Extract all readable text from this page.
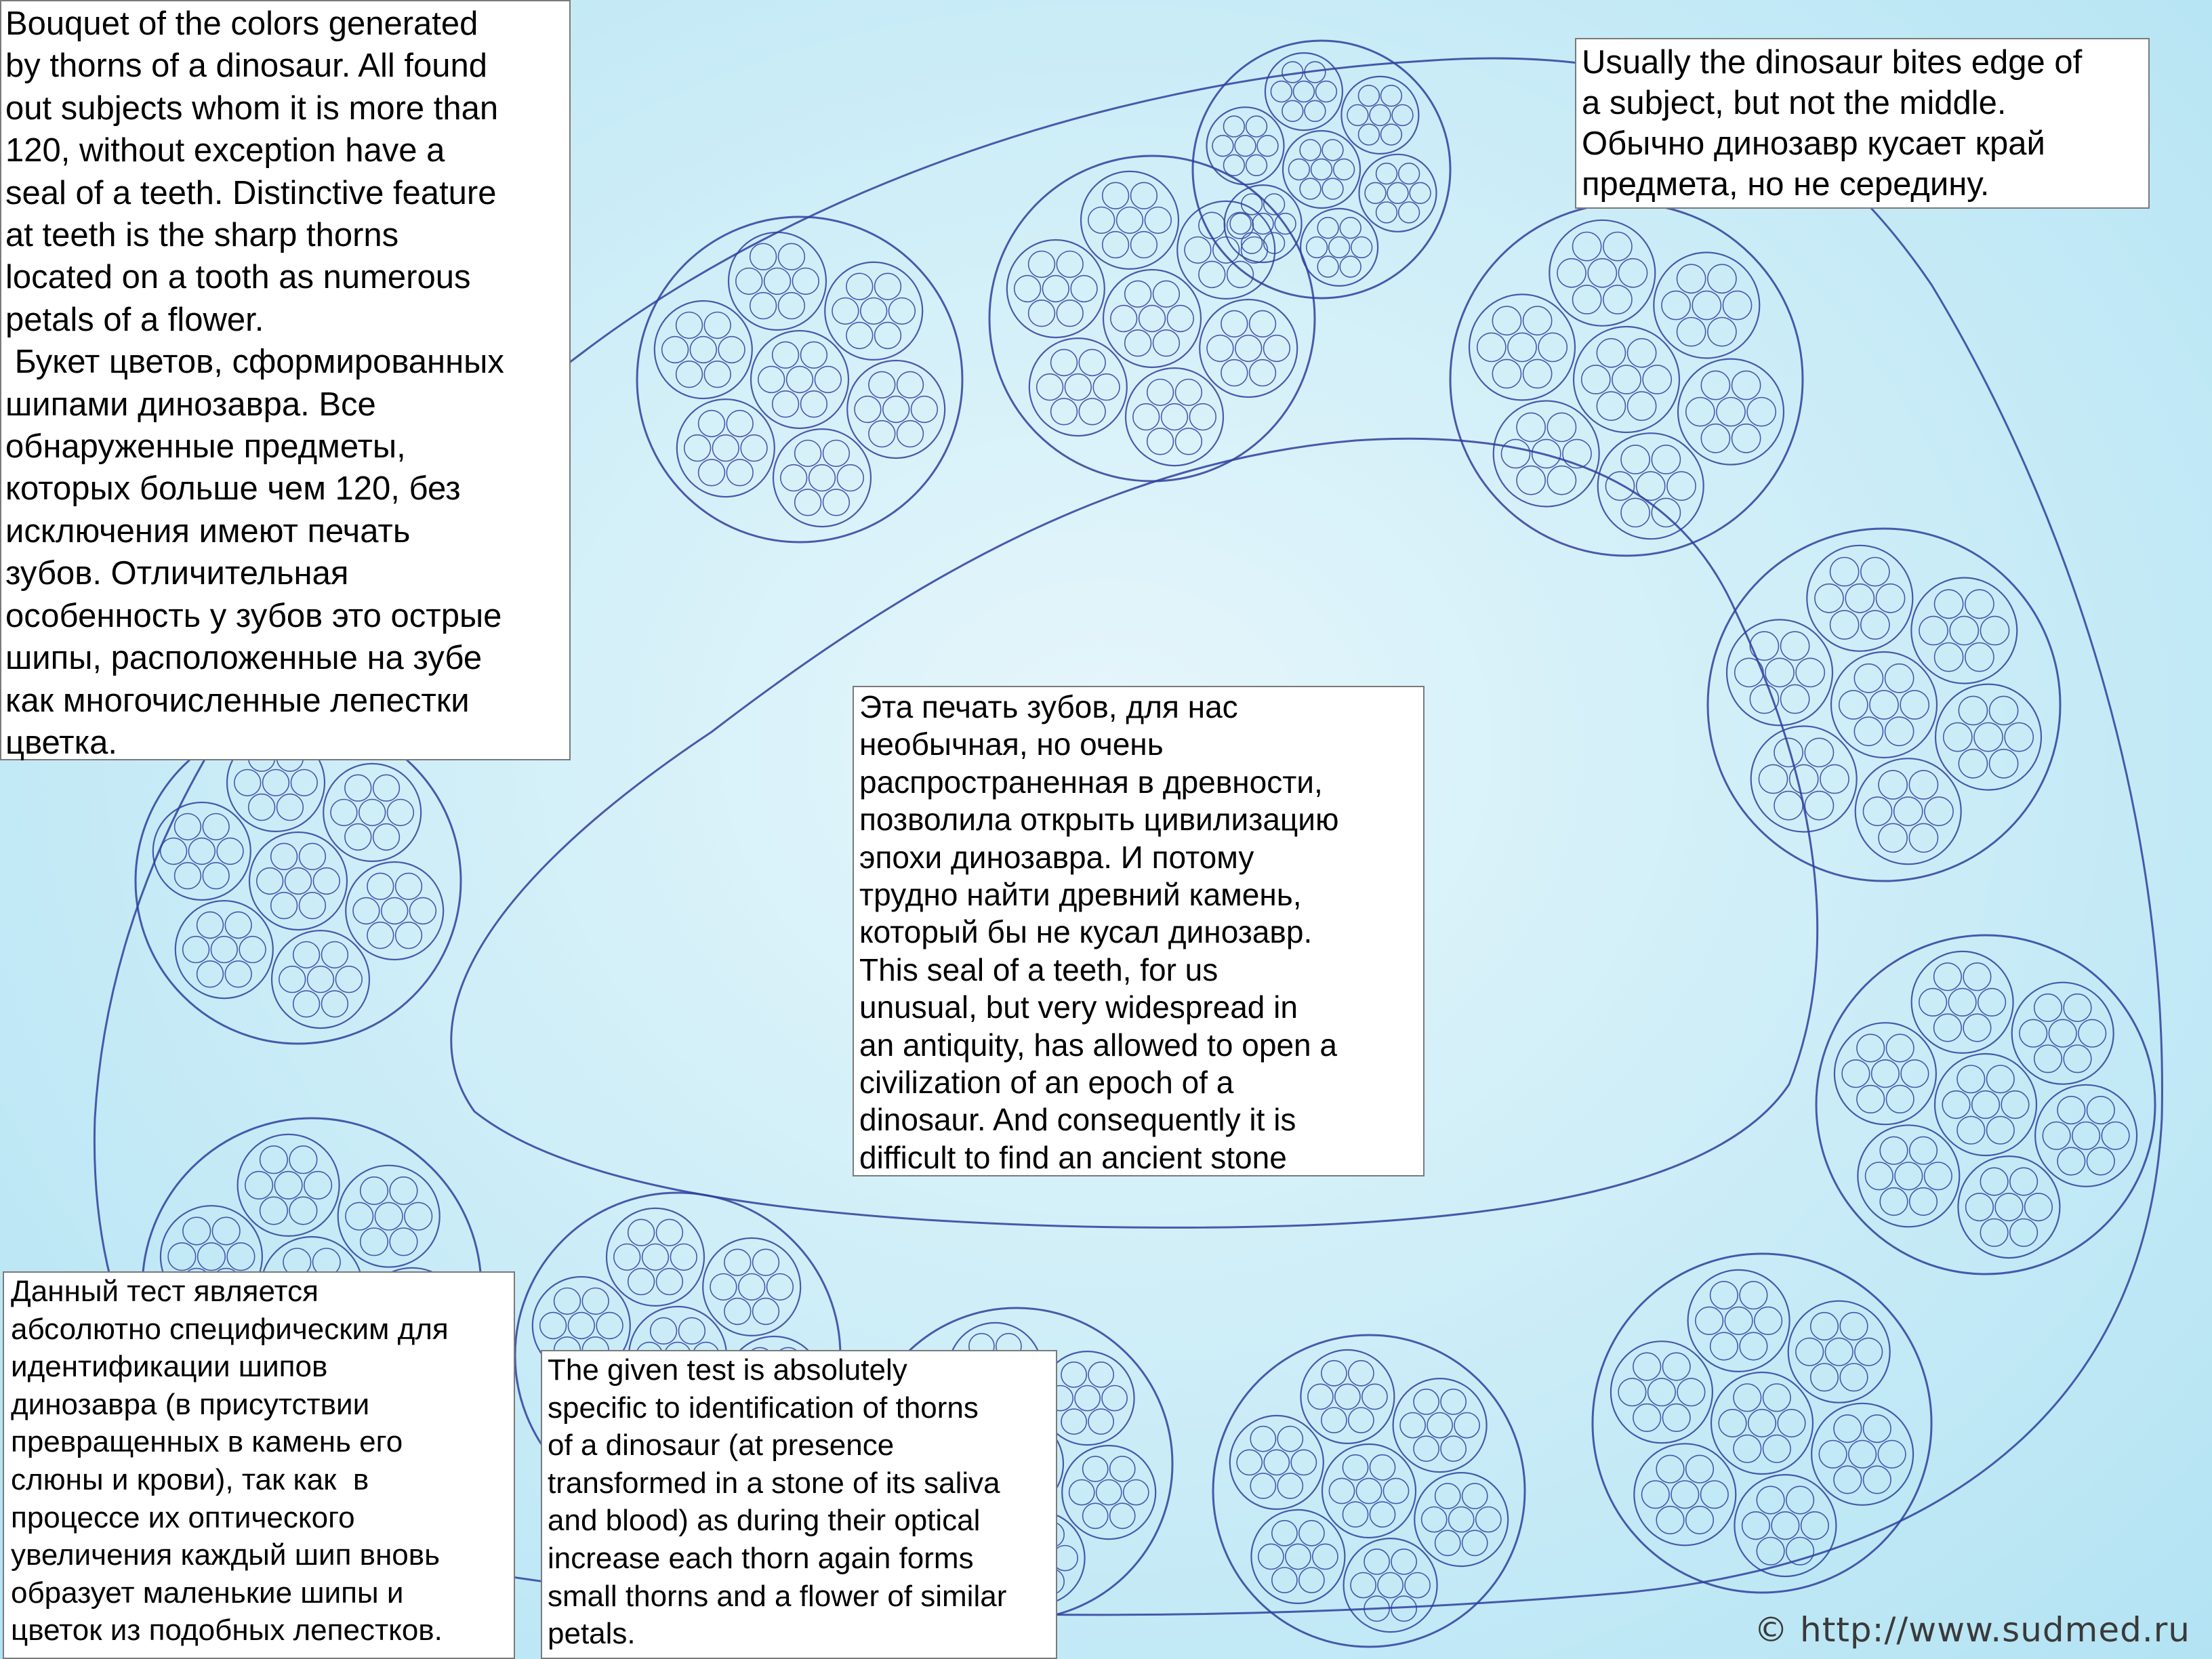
Bouquet of the colors generated
by thorns of a dinosaur. All found
out subjects whom it is more than
120, without exception have a
seal of a teeth. Distinctive feature
at teeth is the sharp thorns
located on a tooth as numerous
petals of a flower.
Букет цветов, сформированных
шипами динозавра. Все
обнаруженные предметы,
которых больше чем 120, без
исключения имеют печать
зубов. Отличительная
особенность у зубов это острые
шипы, расположенные на зубе
как многочисленные лепестки
цветка.
Usually the dinosaur bites edge of
a subject, but not the middle.
Обычно динозавр кусает край
предмета, но не середину.
Эта печать зубов, для нас
необычная, но очень
распространенная в древности,
позволила открыть цивилизацию
эпохи динозавра. И потому
трудно найти древний камень,
который бы не кусал динозавр.
This seal of a teeth, for us
unusual, but very widespread in
an antiquity, has allowed to open a
civilization of an epoch of a
dinosaur. And consequently it is
difficult to find an ancient stone
Данный тест является
абсолютно специфическим для
идентификации шипов
динозавра (в присутствии
превращенных в камень его
слюны и крови), так как  в
процессе их оптического
увеличения каждый шип вновь
образует маленькие шипы и
цветок из подобных лепестков.
The given test is absolutely
specific to identification of thorns
of a dinosaur (at presence
transformed in a stone of its saliva
and blood) as during their optical
increase each thorn again forms
small thorns and a flower of similar
petals.	© http://www.sudmed.ru
